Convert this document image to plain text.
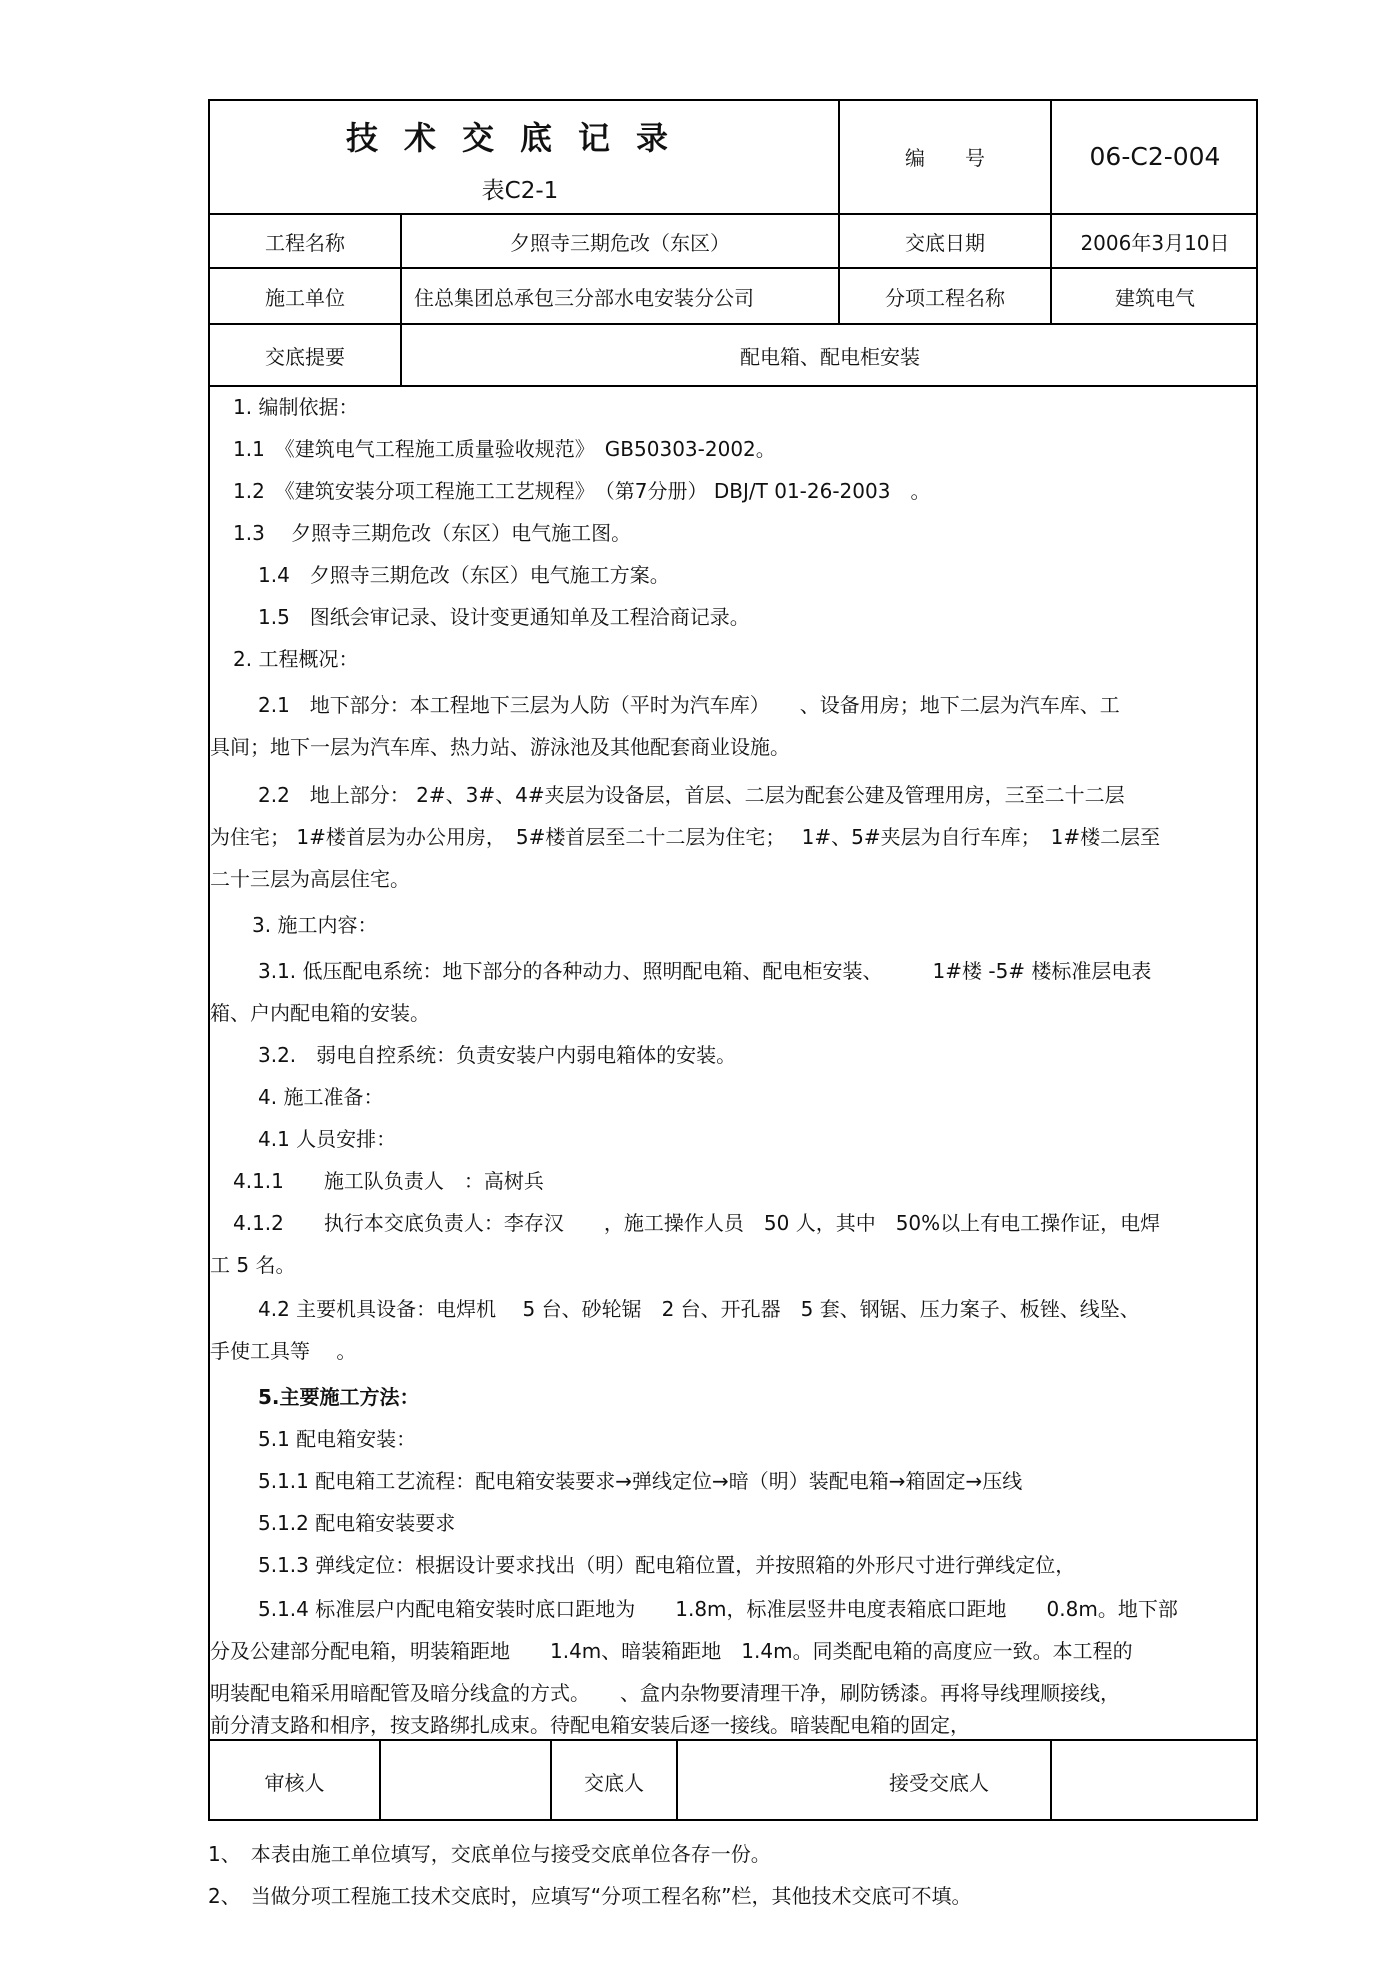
技术交底记录
表C2-1
编　　号	06-C2-004
工程名称	夕照寺三期危改（东区）	交底日期	2006年3月10日
施工单位	住总集团总承包三分部水电安装分公司	分项工程名称	建筑电气
交底提要	配电箱、配电柜安装
1. 编制依据：
1.1　《建筑电气工程施工质量验收规范》　GB50303-2002。
1.2　《建筑安装分项工程施工工艺规程》　（第7分册） DBJ/T 01-26-2003　。
1.3　 夕照寺三期危改（东区）电气施工图。
1.4　夕照寺三期危改（东区）电气施工方案。
1.5　图纸会审记录、设计变更通知单及工程洽商记录。
2. 工程概况：
2.1　地下部分：本工程地下三层为人防（平时为汽车库）　　、设备用房；地下二层为汽车库、工
具间；地下一层为汽车库、热力站、游泳池及其他配套商业设施。
2.2　地上部分： 2#、3#、4#夹层为设备层，首层、二层为配套公建及管理用房，三至二十二层
为住宅； 1#楼首层为办公用房，　5#楼首层至二十二层为住宅；　 1#、5#夹层为自行车库；　1#楼二层至
二十三层为高层住宅。
3. 施工内容：
3.1. 低压配电系统：地下部分的各种动力、照明配电箱、配电柜安装、　　　1#楼 -5# 楼标准层电表
箱、户内配电箱的安装。
3.2.　弱电自控系统：负责安装户内弱电箱体的安装。
4. 施工准备：
4.1 人员安排：
4.1.1　　施工队负责人　：高树兵
4.1.2　　执行本交底负责人：李存汉　　，施工操作人员　50 人，其中　50%以上有电工操作证，电焊
工 5 名。
4.2 主要机具设备：电焊机　 5 台、砂轮锯　2 台、开孔器　5 套、钢锯、压力案子、板锉、线坠、
手使工具等　 。
5.主要施工方法：
5.1 配电箱安装：
5.1.1 配电箱工艺流程：配电箱安装要求→弹线定位→暗（明）装配电箱→箱固定→压线
5.1.2 配电箱安装要求
5.1.3 弹线定位：根据设计要求找出（明）配电箱位置，并按照箱的外形尺寸进行弹线定位，
5.1.4 标准层户内配电箱安装时底口距地为　　1.8m，标准层竖井电度表箱底口距地　　0.8m。地下部
分及公建部分配电箱，明装箱距地　　1.4m、暗装箱距地　1.4m。同类配电箱的高度应一致。本工程的
明装配电箱采用暗配管及暗分线盒的方式。　　、盒内杂物要清理干净，刷防锈漆。再将导线理顺接线，
前分清支路和相序，按支路绑扎成束。待配电箱安装后逐一接线。暗装配电箱的固定，
审核人	交底人	接受交底人
1、　本表由施工单位填写，交底单位与接受交底单位各存一份。
2、　当做分项工程施工技术交底时，应填写“分项工程名称”栏，其他技术交底可不填。
